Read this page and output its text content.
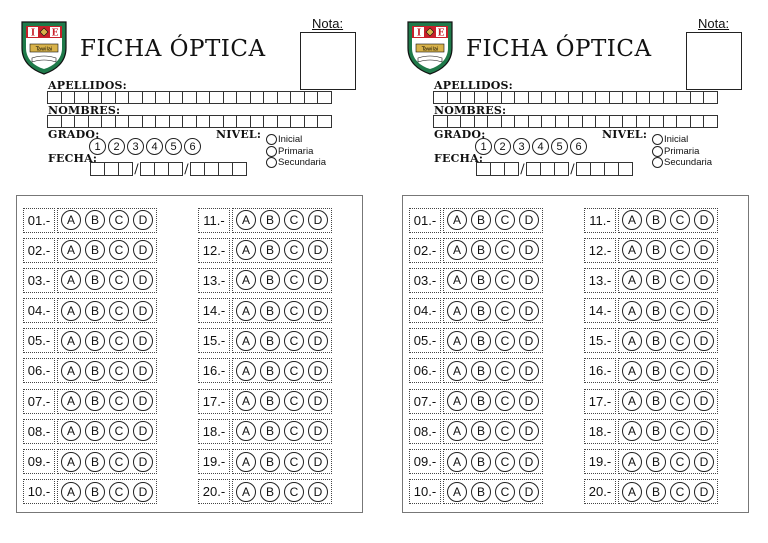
I E
Tawilai FICHA ÓPTICA
Nota:
APELLIDOS:
NOMBRES:
GRADO:
1	2	3	4	5	6
NIVEL: Inicial
Primaria
Secundaria
FECHA:
/	/
01.-	A	B	C	D
02.-	A	B	C	D
03.-	A	B	C	D
04.-	A	B	C	D
05.-	A	B	C	D
06.-	A	B	C	D
07.-	A	B	C	D
08.-	A	B	C	D
09.-	A	B	C	D
10.-	A	B	C	D
11.-	A	B	C	D
12.-	A	B	C	D
13.-	A	B	C	D
14.-	A	B	C	D
15.-	A	B	C	D
16.-	A	B	C	D
17.-	A	B	C	D
18.-	A	B	C	D
19.-	A	B	C	D
20.-	A	B	C	D
I E
Tawilai FICHA ÓPTICA
Nota:
APELLIDOS:
NOMBRES:
GRADO:
1	2	3	4	5	6
NIVEL: Inicial
Primaria
Secundaria
FECHA:
/	/
01.-	A	B	C	D
02.-	A	B	C	D
03.-	A	B	C	D
04.-	A	B	C	D
05.-	A	B	C	D
06.-	A	B	C	D
07.-	A	B	C	D
08.-	A	B	C	D
09.-	A	B	C	D
10.-	A	B	C	D
11.-	A	B	C	D
12.-	A	B	C	D
13.-	A	B	C	D
14.-	A	B	C	D
15.-	A	B	C	D
16.-	A	B	C	D
17.-	A	B	C	D
18.-	A	B	C	D
19.-	A	B	C	D
20.-	A	B	C	D
